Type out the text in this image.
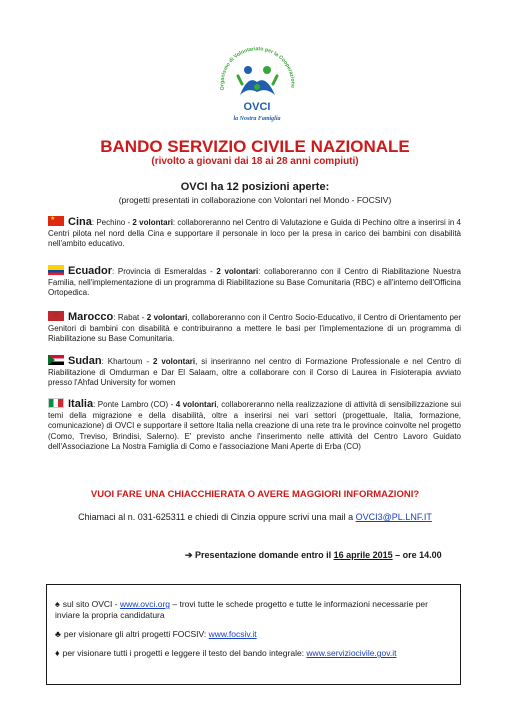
Organismo di Volontariato per la Cooperazione
OVCI
la Nostra Famiglia
BANDO SERVIZIO CIVILE NAZIONALE
(rivolto a giovani dai 18 ai 28 anni compiuti)
OVCI ha 12 posizioni aperte:
(progetti presentati in collaborazione con Volontari nel Mondo - FOCSIV)
★ Cina: Pechino - 2 volontari: collaboreranno nel Centro di Valutazione e Guida di Pechino oltre a inserirsi in 4 Centri pilota nel nord della Cina e supportare il personale in loco per la presa in carico dei bambini con disabilità nell'ambito educativo.
Ecuador: Provincia di Esmeraldas - 2 volontari: collaboreranno con il Centro di Riabilitazione Nuestra Familia, nell'implementazione di un programma di Riabilitazione su Base Comunitaria (RBC) e all'interno dell'Officina Ortopedica.
☆ Marocco: Rabat - 2 volontari, collaboreranno con il Centro Socio-Educativo, il Centro di Orientamento per Genitori di bambini con disabilità e contribuiranno a mettere le basi per l'implementazione di un programma di Riabilitazione su Base Comunitaria.
Sudan: Khartoum - 2 volontari, si inseriranno nel centro di Formazione Professionale e nel Centro di Riabilitazione di Omdurman e Dar El Salaam, oltre a collaborare con il Corso di Laurea in Fisioterapia avviato presso l'Ahfad University for women
Italia: Ponte Lambro (CO) - 4 volontari, collaboreranno nella realizzazione di attività di sensibilizzazione sui temi della migrazione e della disabilità, oltre a inserirsi nei vari settori (progettuale, Italia, formazione, comunicazione) di OVCI e supportare il settore Italia nella creazione di una rete tra le province coinvolte nel progetto (Como, Treviso, Brindisi, Salerno). E' previsto anche l'inserimento nelle attività del Centro Lavoro Guidato dell'Associazione La Nostra Famiglia di Como e l'associazione Mani Aperte di Erba (CO)
VUOI FARE UNA CHIACCHIERATA O AVERE MAGGIORI INFORMAZIONI?
Chiamaci al n. 031-625311 e chiedi di Cinzia oppure scrivi una mail a OVCI3@PL.LNF.IT
➔ Presentazione domande entro il 16 aprile 2015 – ore 14.00
♠ sul sito OVCI - www.ovci.org – trovi tutte le schede progetto e tutte le informazioni necessarie per inviare la propria candidatura
♣ per visionare gli altri progetti FOCSIV: www.focsiv.it
♦ per visionare tutti i progetti e leggere il testo del bando integrale: www.serviziocivile.gov.it
